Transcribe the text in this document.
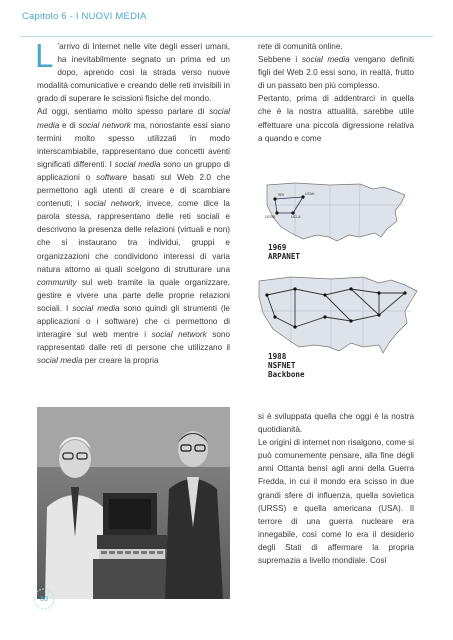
Capitolo 6 - I NUOVI MEDIA

L ’arrivo di Internet nelle vite degli esseri umani, ha inevitabilmente segnato un prima ed un dopo, aprendo così la strada verso nuove modalità comunicative e creando delle reti invisibili in grado di superare le scissioni fisiche del mondo.

Ad oggi, sentiamo molto spesso parlare di social media e di social network ma, nonostante essi siano termini molto spesso utilizzati in modo interscambiabile, rappresentano due concetti aventi significati differenti. I social media sono un gruppo di applicazioni o software basati sul Web 2.0 che permettono agli utenti di creare e di scambiare contenuti; i social network, invece, come dice la parola stessa, rappresentano delle reti sociali e descrivono la presenza delle relazioni (virtuali e non) che si instaurano tra individui, gruppi e organizzazioni che condividono interessi di varia natura attorno ai quali scelgono di strutturare una community sul web tramite la quale organizzare, gestire e vivere una parte delle proprie relazioni sociali. I social media sono quindi gli strumenti (le applicazioni o i software) che ci permettono di interagire sul web mentre i social network sono rappresentati dalle reti di persone che utilizzano il social media per creare la propria

rete di comunità online.

Sebbene i social media vengano definiti figli del Web 2.0 essi sono, in realtà, frutto di un passato ben più complesso.

Pertanto, prima di addentrarci in quella che è la nostra attualità, sarebbe utile effettuare una piccola digressione relativa a quando e come

SRI	UTAH
UCSB	UCLA
1969
ARPANET
1988
NSFNET
Backbone

si è sviluppata quella che oggi è la nostra quotidianità.

Le origini di internet non risalgono, come si può comunemente pensare, alla fine degli anni Ottanta bensì agli anni della Guerra Fredda, in cui il mondo era scisso in due grandi sfere di influenza, quella sovietica (URSS) e quella americana (USA). Il terrore di una guerra nucleare era innegabile, così come lo era il desiderio degli Stati di affermare la propria supremazia a livello mondiale. Così

80
